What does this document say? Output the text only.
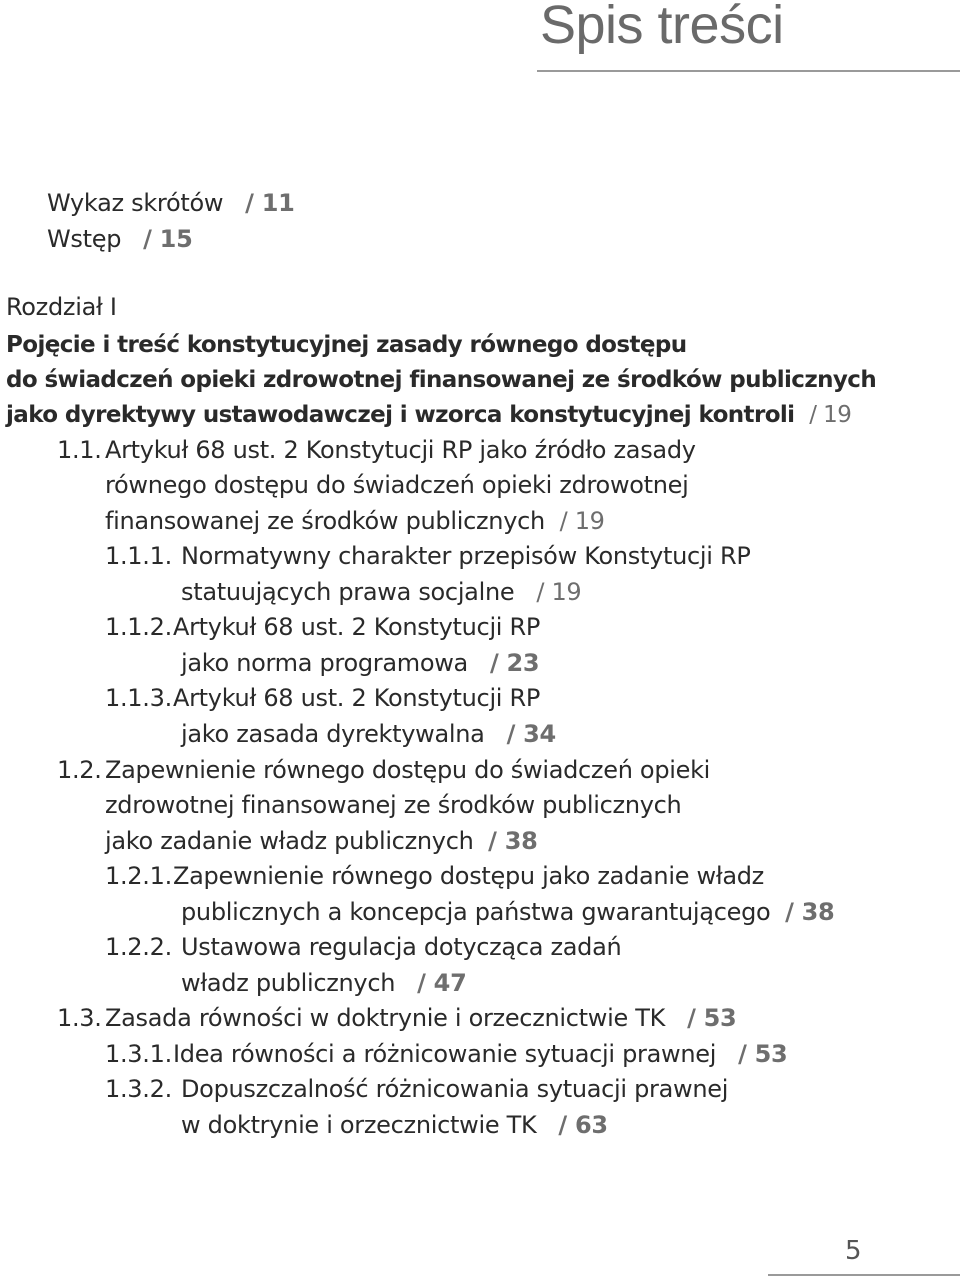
Spis treści
Wykaz skrótów / 11
Wstęp / 15
Rozdział I
Pojęcie i treść konstytucyjnej zasady równego dostępu
do świadczeń opieki zdrowotnej finansowanej ze środków publicznych
jako dyrektywy ustawodawczej i wzorca konstytucyjnej kontroli / 19
1.1. Artykuł 68 ust. 2 Konstytucji RP jako źródło zasady
równego dostępu do świadczeń opieki zdrowotnej
finansowanej ze środków publicznych / 19
1.1.1. Normatywny charakter przepisów Konstytucji RP
statuujących prawa socjalne / 19
1.1.2.Artykuł 68 ust. 2 Konstytucji RP
jako norma programowa / 23
1.1.3.Artykuł 68 ust. 2 Konstytucji RP
jako zasada dyrektywalna / 34
1.2. Zapewnienie równego dostępu do świadczeń opieki
zdrowotnej finansowanej ze środków publicznych
jako zadanie władz publicznych / 38
1.2.1.Zapewnienie równego dostępu jako zadanie władz
publicznych a koncepcja państwa gwarantującego / 38
1.2.2. Ustawowa regulacja dotycząca zadań
władz publicznych / 47
1.3. Zasada równości w doktrynie i orzecznictwie TK / 53
1.3.1.Idea równości a różnicowanie sytuacji prawnej / 53
1.3.2. Dopuszczalność różnicowania sytuacji prawnej
w doktrynie i orzecznictwie TK / 63
5
